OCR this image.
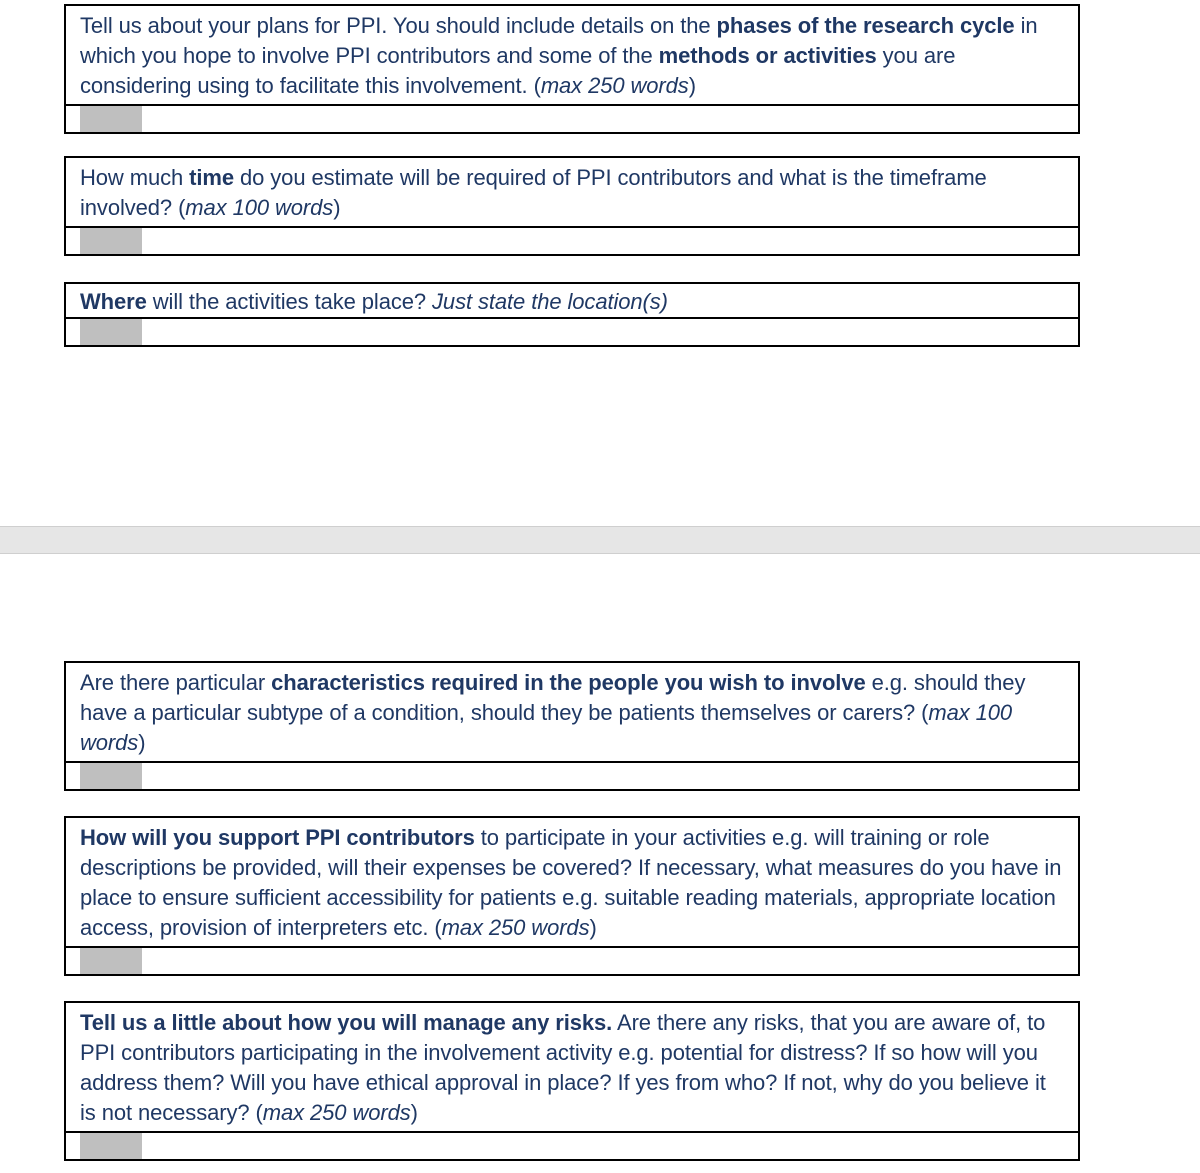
Tell us about your plans for PPI. You should include details on the phases of the research cycle in which you hope to involve PPI contributors and some of the methods or activities you are considering using to facilitate this involvement. (max 250 words)
How much time do you estimate will be required of PPI contributors and what is the timeframe involved? (max 100 words)
Where will the activities take place? Just state the location(s)
Are there particular characteristics required in the people you wish to involve e.g. should they have a particular subtype of a condition, should they be patients themselves or carers? (max 100 words)
How will you support PPI contributors to participate in your activities e.g. will training or role descriptions be provided, will their expenses be covered? If necessary, what measures do you have in place to ensure sufficient accessibility for patients e.g. suitable reading materials, appropriate location access, provision of interpreters etc. (max 250 words)
Tell us a little about how you will manage any risks. Are there any risks, that you are aware of, to PPI contributors participating in the involvement activity e.g. potential for distress? If so how will you address them? Will you have ethical approval in place? If yes from who? If not, why do you believe it is not necessary? (max 250 words)
